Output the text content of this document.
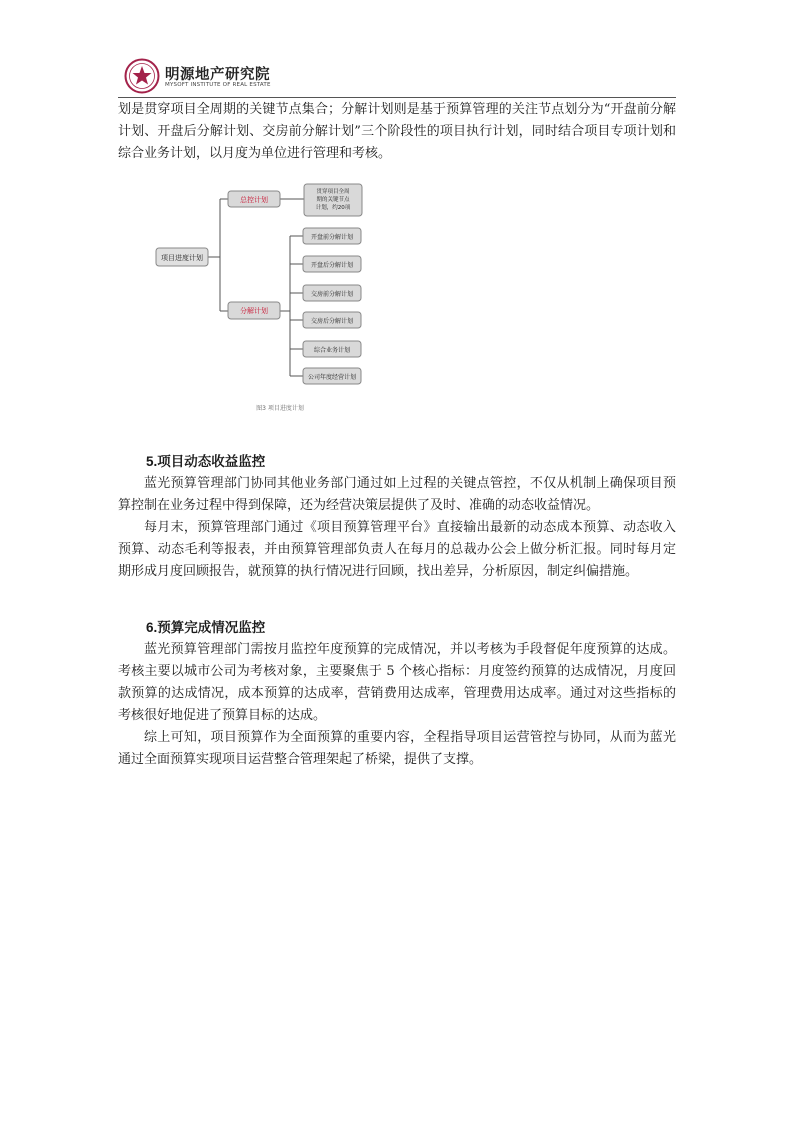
明源地产研究院
MYSOFT INSTITUTE OF REAL ESTATE

划是贯穿项目全周期的关键节点集合；分解计划则是基于预算管理的关注节点划分为“开盘前分解计划、开盘后分解计划、交房前分解计划”三个阶段性的项目执行计划，同时结合项目专项计划和综合业务计划，以月度为单位进行管理和考核。

项目进度计划
总控计划
贯穿项目全周
期的关键节点
计划，约20项
分解计划
开盘前分解计划
开盘后分解计划
交房前分解计划
交房后分解计划
综合业务计划
公司年度经营计划
图3 项目进度计划

5.项目动态收益监控

蓝光预算管理部门协同其他业务部门通过如上过程的关键点管控，不仅从机制上确保项目预算控制在业务过程中得到保障，还为经营决策层提供了及时、准确的动态收益情况。

每月末，预算管理部门通过《项目预算管理平台》直接输出最新的动态成本预算、动态收入预算、动态毛利等报表，并由预算管理部负责人在每月的总裁办公会上做分析汇报。同时每月定期形成月度回顾报告，就预算的执行情况进行回顾，找出差异，分析原因，制定纠偏措施。

6.预算完成情况监控

蓝光预算管理部门需按月监控年度预算的完成情况，并以考核为手段督促年度预算的达成。考核主要以城市公司为考核对象，主要聚焦于 5 个核心指标：月度签约预算的达成情况，月度回款预算的达成情况，成本预算的达成率，营销费用达成率，管理费用达成率。通过对这些指标的考核很好地促进了预算目标的达成。

综上可知，项目预算作为全面预算的重要内容，全程指导项目运营管控与协同，从而为蓝光通过全面预算实现项目运营整合管理架起了桥梁，提供了支撑。
